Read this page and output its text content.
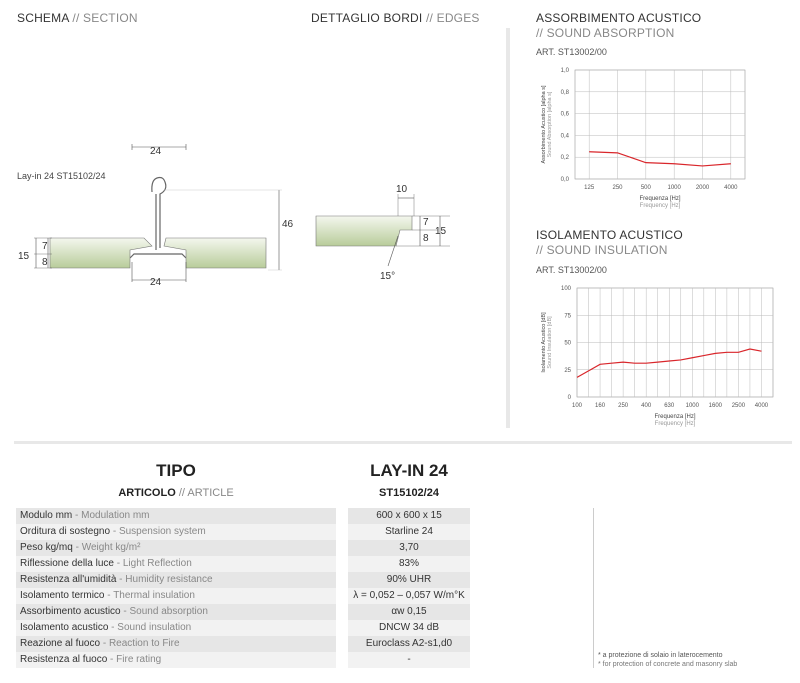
SCHEMA // SECTION	DETTAGLIO BORDI // EDGES
Lay-in 24 ST15102/24
24
24
46
15
7
8
10
7
8
15
15°
ASSORBIMENTO ACUSTICO
// SOUND ABSORPTION
ART. ST13002/00
0,0
0,2
0,4
0,6
0,8
1,0
125	250	500	1000 2000 4000
Frequenza [Hz]
Frequency [Hz]
Assorbimento Acustico [alpha s] Sound Absorption [alpha s]
ISOLAMENTO ACUSTICO
// SOUND INSULATION
ART. ST13002/00
0
25
50
75
100
100 160 250 400 630 1000 1600 2500 4000
Frequenza [Hz]
Frequency [Hz]
Isolamento Acustico [dB] Sound Insulation [dB]
TIPO
ARTICOLO // ARTICLE
LAY-IN 24
ST15102/24
Modulo mm - Modulation mm	600 x 600 x 15
Orditura di sostegno - Suspension system	Starline 24
Peso kg/mq - Weight kg/m²	3,70
Riflessione della luce - Light Reflection	83%
Resistenza all'umidità - Humidity resistance	90% UHR
Isolamento termico - Thermal insulation	λ = 0,052 – 0,057 W/m°K
Assorbimento acustico - Sound absorption	αw 0,15
Isolamento acustico - Sound insulation	DNCW 34 dB
Reazione al fuoco - Reaction to Fire	Euroclass A2-s1,d0
Resistenza al fuoco - Fire rating	-	* a protezione di solaio in laterocemento
* for protection of concrete and masonry slab
